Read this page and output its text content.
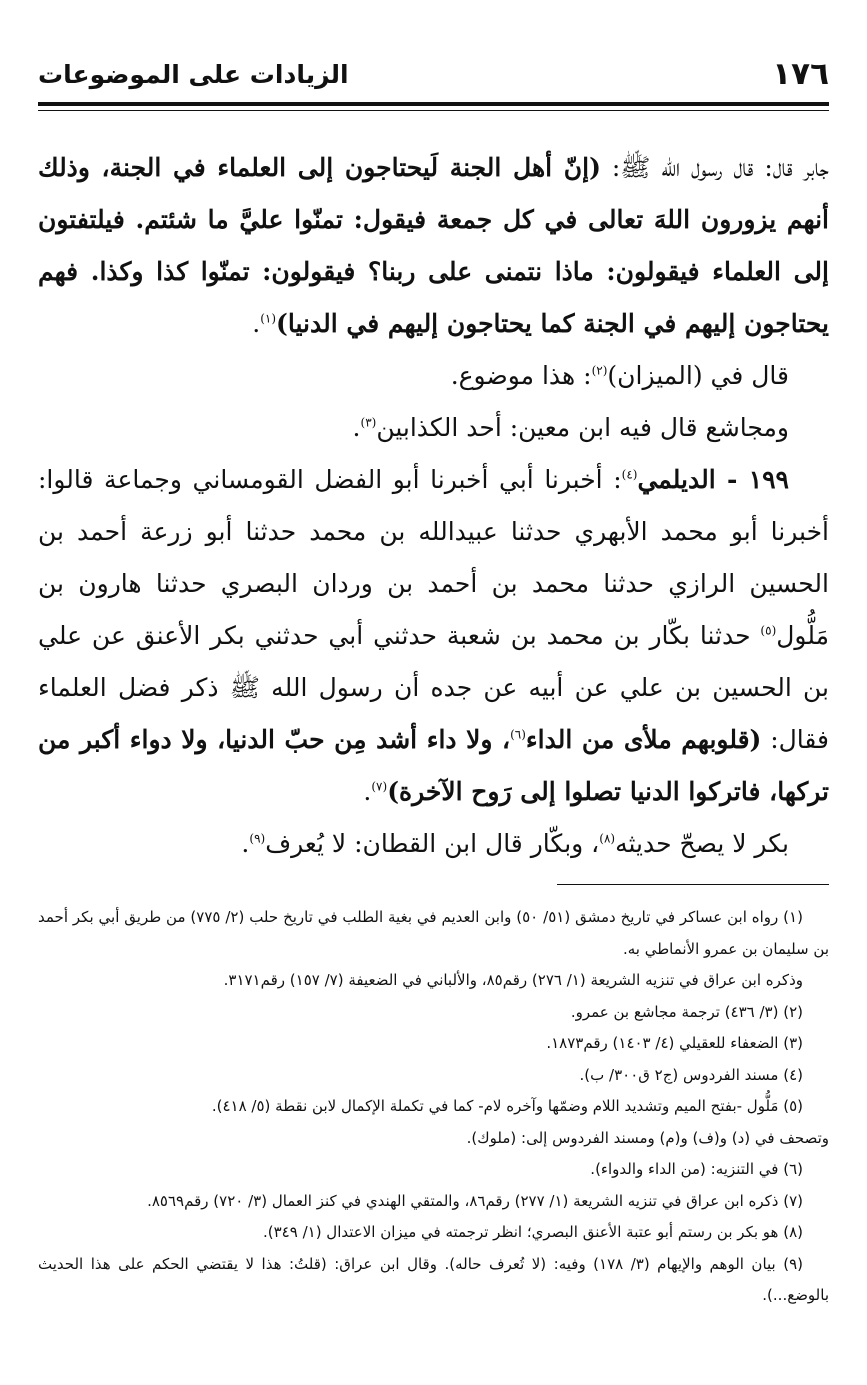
١٧٦
الزيادات على الموضوعات

جابر قال: قال رسول الله ﷺ: (إنّ أهل الجنة لَيحتاجون إلى العلماء في الجنة، وذلك أنهم يزورون اللهَ تعالى في كل جمعة فيقول: تمنّوا عليَّ ما شئتم. فيلتفتون إلى العلماء فيقولون: ماذا نتمنى على ربنا؟ فيقولون: تمنّوا كذا وكذا. فهم يحتاجون إليهم في الجنة كما يحتاجون إليهم في الدنيا)$^{(١)}$.

قال في (الميزان)$^{(٢)}$: هذا موضوع.

ومجاشع قال فيه ابن معين: أحد الكذابين$^{(٣)}$.

١٩٩ - الديلمي$^{(٤)}$: أخبرنا أبي أخبرنا أبو الفضل القومساني وجماعة قالوا: أخبرنا أبو محمد الأبهري حدثنا عبيدالله بن محمد حدثنا أبو زرعة أحمد بن الحسين الرازي حدثنا محمد بن أحمد بن وردان البصري حدثنا هارون بن مَلُّول$^{(٥)}$ حدثنا بكّار بن محمد بن شعبة حدثني أبي حدثني بكر الأعنق عن علي بن الحسين بن علي عن أبيه عن جده أن رسول الله ﷺ ذكر فضل العلماء فقال: (قلوبهم ملأى من الداء$^{(٦)}$، ولا داء أشد مِن حبّ الدنيا، ولا دواء أكبر من تركها، فاتركوا الدنيا تصلوا إلى رَوح الآخرة)$^{(٧)}$.

بكر لا يصحّ حديثه$^{(٨)}$، وبكّار قال ابن القطان: لا يُعرف$^{(٩)}$.

(١) رواه ابن عساكر في تاريخ دمشق (٥١/ ٥٠) وابن العديم في بغية الطلب في تاريخ حلب (٢/ ٧٧٥) من طريق أبي بكر أحمد بن سليمان بن عمرو الأنماطي به.

وذكره ابن عراق في تنزيه الشريعة (١/ ٢٧٦) رقم٨٥، والألباني في الضعيفة (٧/ ١٥٧) رقم٣١٧١.

(٢) (٣/ ٤٣٦) ترجمة مجاشع بن عمرو.

(٣) الضعفاء للعقيلي (٤/ ١٤٠٣) رقم١٨٧٣.

(٤) مسند الفردوس (ج٢ ق٣٠٠/ ب).

(٥) مَلُّول -بفتح الميم وتشديد اللام وضمّها وآخره لام- كما في تكملة الإكمال لابن نقطة (٥/ ٤١٨).

وتصحف في (د) و(ف) و(م) ومسند الفردوس إلى: (ملوك).

(٦) في التنزيه: (من الداء والدواء).

(٧) ذكره ابن عراق في تنزيه الشريعة (١/ ٢٧٧) رقم٨٦، والمتقي الهندي في كنز العمال (٣/ ٧٢٠) رقم٨٥٦٩.

(٨) هو بكر بن رستم أبو عتبة الأعنق البصري؛ انظر ترجمته في ميزان الاعتدال (١/ ٣٤٩).

(٩) بيان الوهم والإيهام (٣/ ١٧٨) وفيه: (لا تُعرف حاله). وقال ابن عراق: (قلتُ: هذا لا يقتضي الحكم على هذا الحديث بالوضع...).
